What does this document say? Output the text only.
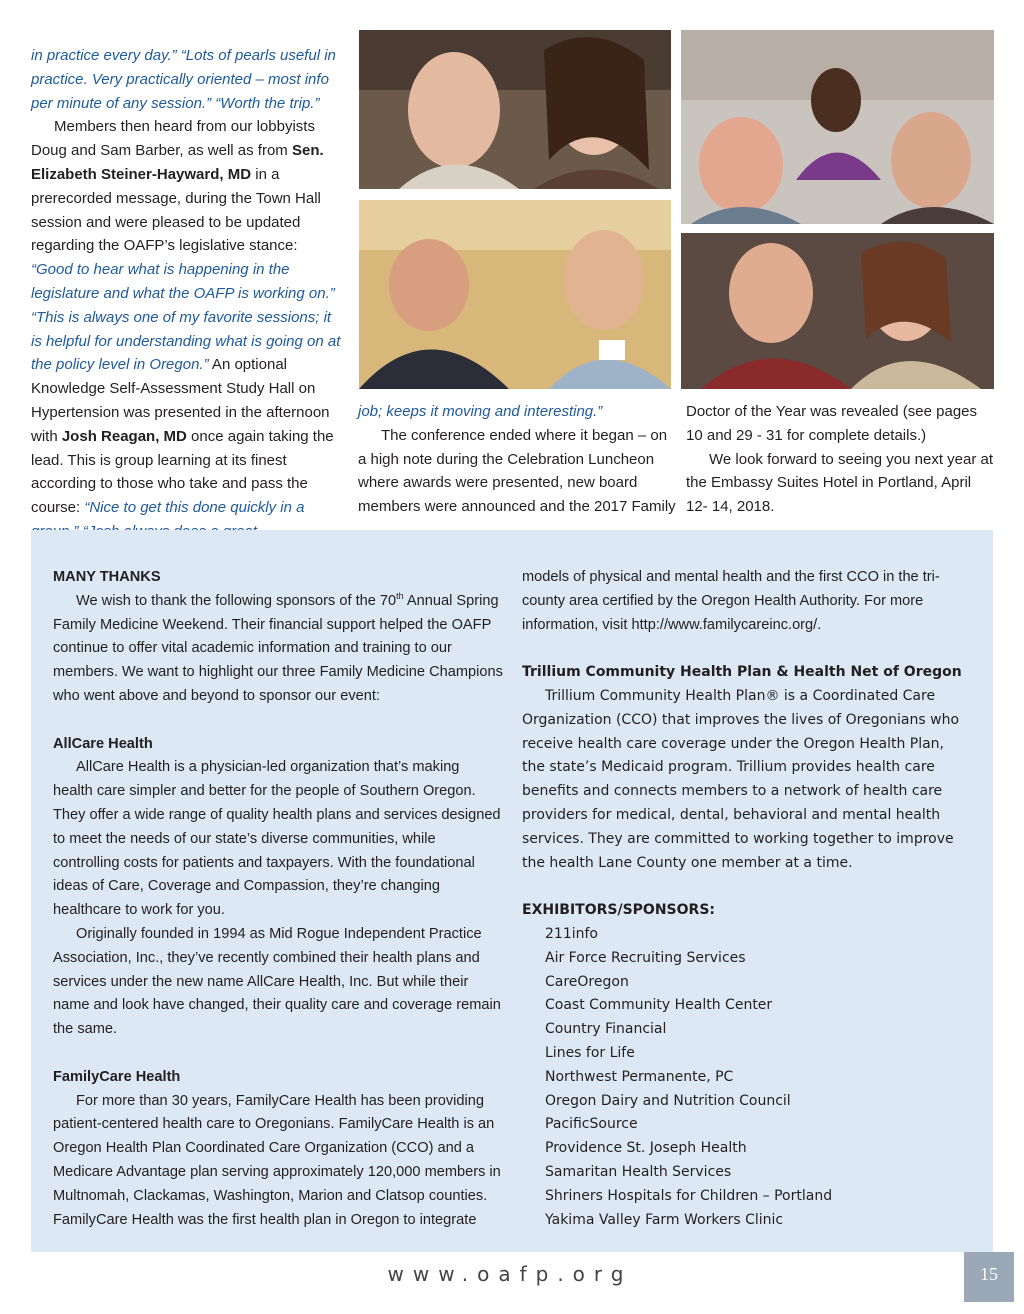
in practice every day.” “Lots of pearls useful in practice. Very practically oriented – most info per minute of any session.” “Worth the trip.”
Members then heard from our lobbyists Doug and Sam Barber, as well as from Sen. Elizabeth Steiner-Hayward, MD in a prerecorded message, during the Town Hall session and were pleased to be updated regarding the OAFP’s legislative stance: “Good to hear what is happening in the legislature and what the OAFP is working on.” “This is always one of my favorite sessions; it is helpful for understanding what is going on at the policy level in Oregon.” An optional Knowledge Self-Assessment Study Hall on Hypertension was presented in the afternoon with Josh Reagan, MD once again taking the lead. This is group learning at its finest according to those who take and pass the course: “Nice to get this done quickly in a

job; keeps it moving and interesting.”

The conference ended where it began – on a high note during the Celebration Luncheon where awards were presented, new board members were announced and the 2017 Family

Doctor of the Year was revealed (see pages 10 and 29 - 31 for complete details.)

We look forward to seeing you next year at the Embassy Suites Hotel in Portland, April 12- 14, 2018.

MANY THANKS

We wish to thank the following sponsors of the 70th Annual Spring Family Medicine Weekend. Their financial support helped the OAFP continue to offer vital academic information and training to our members. We want to highlight our three Family Medicine Champions who went above and beyond to sponsor our event:

AllCare Health

AllCare Health is a physician-led organization that’s making health care simpler and better for the people of Southern Oregon. They offer a wide range of quality health plans and services designed to meet the needs of our state’s diverse communities, while controlling costs for patients and taxpayers. With the foundational ideas of Care, Coverage and Compassion, they’re changing healthcare to work for you.

Originally founded in 1994 as Mid Rogue Independent Practice Association, Inc., they’ve recently combined their health plans and services under the new name AllCare Health, Inc. But while their name and look have changed, their quality care and coverage remain the same.

FamilyCare Health

For more than 30 years, FamilyCare Health has been providing patient-centered health care to Oregonians. FamilyCare Health is an Oregon Health Plan Coordinated Care Organization (CCO) and a Medicare Advantage plan serving approximately 120,000 members in Multnomah, Clackamas, Washington, Marion and Clatsop counties. FamilyCare Health was the first health plan in Oregon to integrate

models of physical and mental health and the first CCO in the tri-county area certified by the Oregon Health Authority. For more information, visit http://www.familycareinc.org/.

Trillium Community Health Plan & Health Net of Oregon

Trillium Community Health Plan® is a Coordinated Care Organization (CCO) that improves the lives of Oregonians who receive health care coverage under the Oregon Health Plan, the state’s Medicaid program. Trillium provides health care benefits and connects members to a network of health care providers for medical, dental, behavioral and mental health services. They are committed to working together to improve the health Lane County one member at a time.

EXHIBITORS/SPONSORS:

211info

Air Force Recruiting Services

CareOregon

Coast Community Health Center

Country Financial

Lines for Life

Northwest Permanente, PC

Oregon Dairy and Nutrition Council

PacificSource

Providence St. Joseph Health

Samaritan Health Services

Shriners Hospitals for Children – Portland

Yakima Valley Farm Workers Clinic

www.oafp.org	15
